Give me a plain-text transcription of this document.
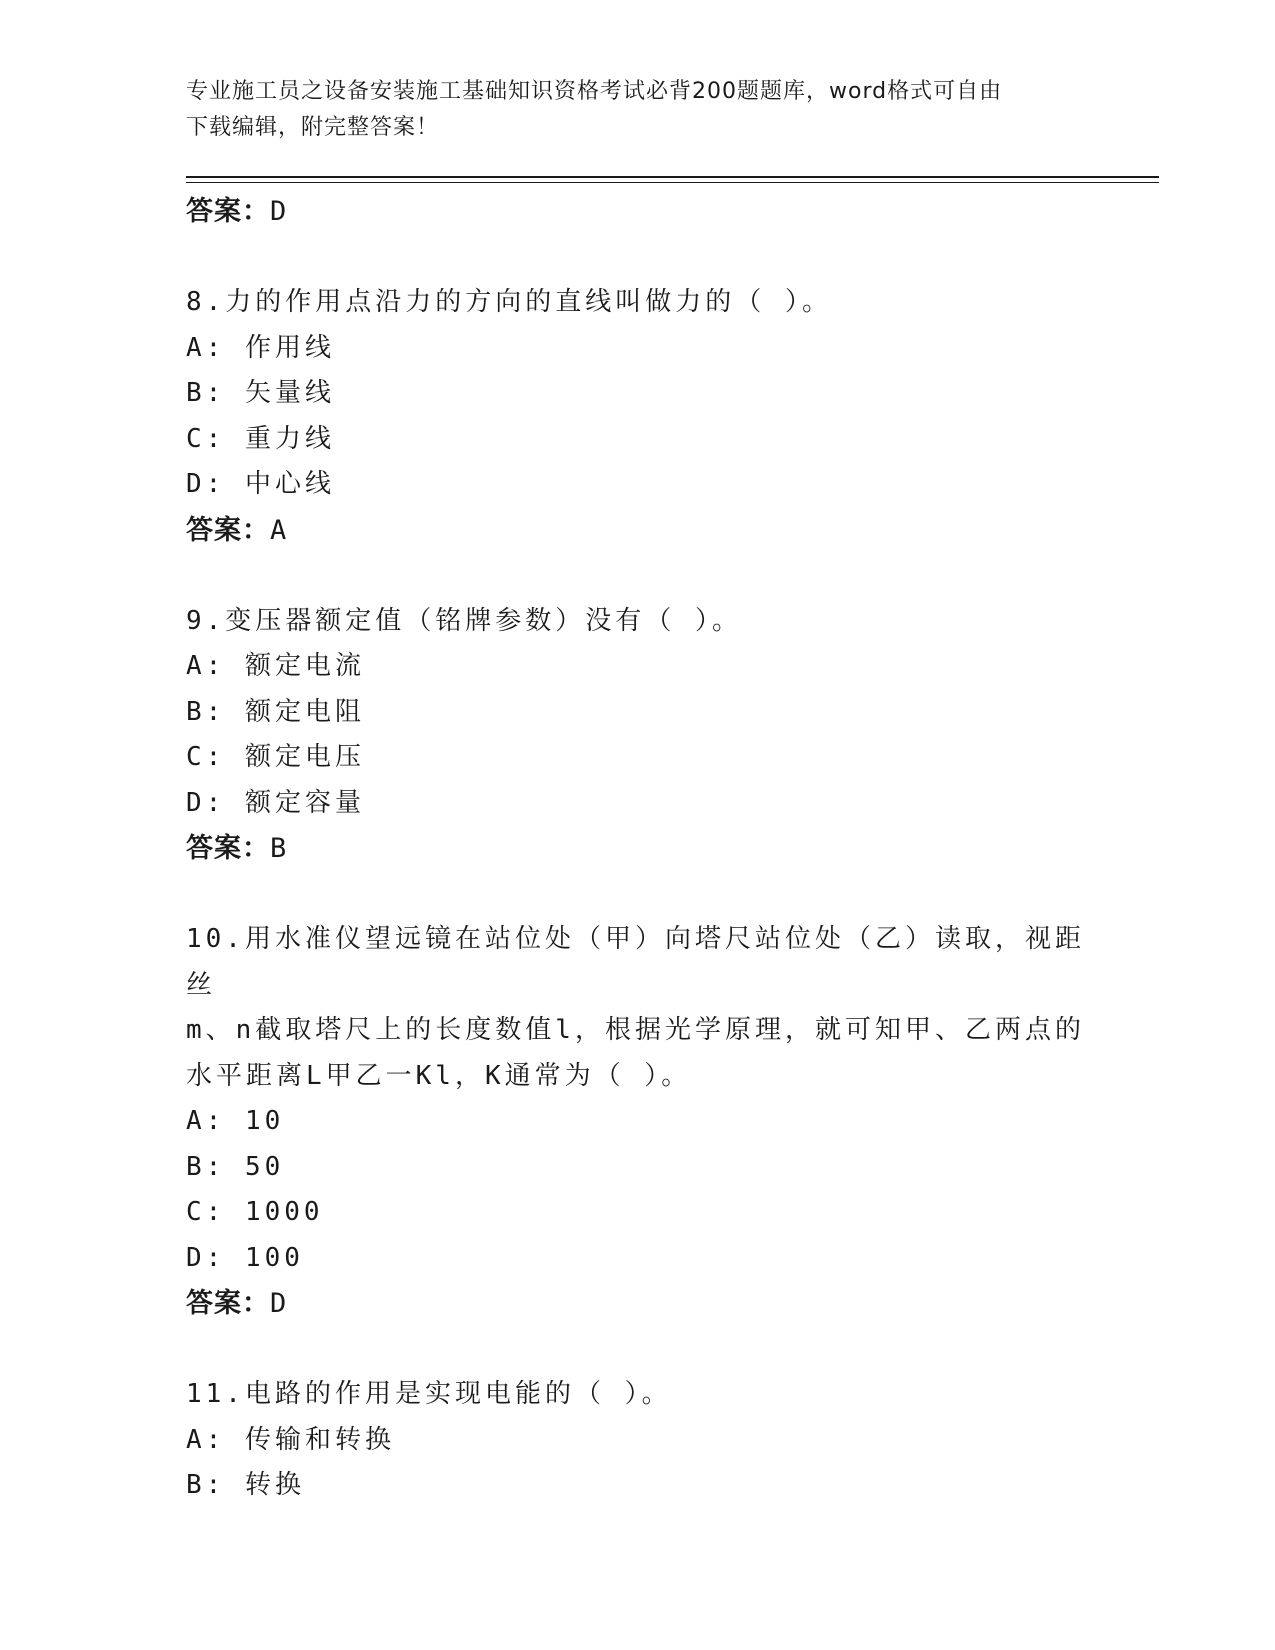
专业施工员之设备安装施工基础知识资格考试必背200题题库，word格式可自由
下载编辑，附完整答案！
答案：D
8.力的作用点沿力的方向的直线叫做力的（ ）。
A: 作用线
B: 矢量线
C: 重力线
D: 中心线
答案：A
9.变压器额定值（铭牌参数）没有（ ）。
A: 额定电流
B: 额定电阻
C: 额定电压
D: 额定容量
答案：B
10.用水准仪望远镜在站位处（甲）向塔尺站位处（乙）读取，视距丝
m、n截取塔尺上的长度数值l，根据光学原理，就可知甲、乙两点的
水平距离L甲乙一Kl，K通常为（ ）。
A: 10
B: 50
C: 1000
D: 100
答案：D
11.电路的作用是实现电能的（ ）。
A: 传输和转换
B: 转换
